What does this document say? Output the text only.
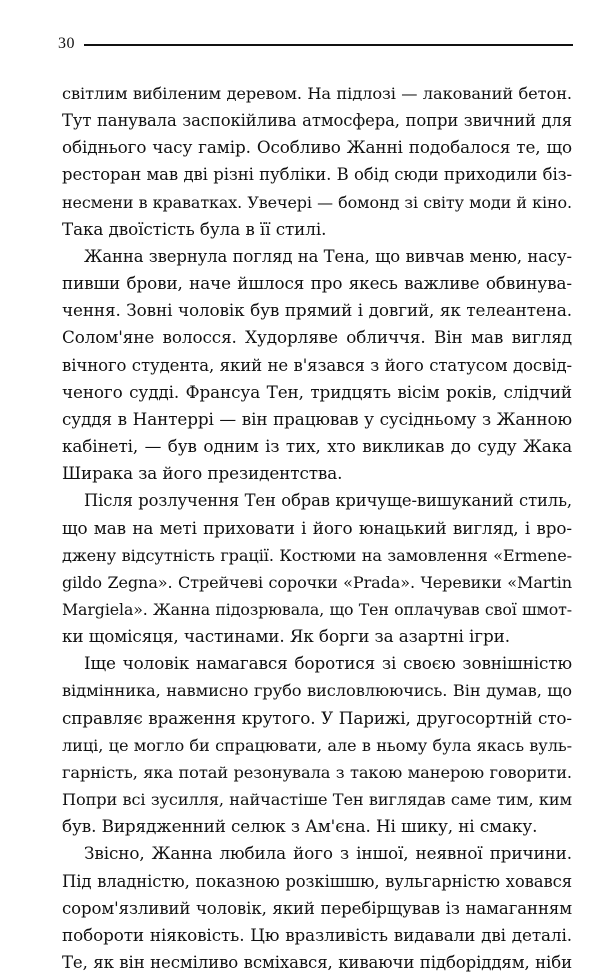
30

світлим вибіленим деревом. На підлозі — лакований бетон.
Тут панувала заспокійлива атмосфера, попри звичний для
обіднього часу гамір. Особливо Жанні подобалося те, що
ресторан мав дві різні публіки. В обід сюди приходили біз-
несмени в краватках. Увечері — бомонд зі світу моди й кіно.
Така двоїстість була в її стилі.

Жанна звернула погляд на Тена, що вивчав меню, насу-
пивши брови, наче йшлося про якесь важливе обвинува-
чення. Зовні чоловік був прямий і довгий, як телеантена.
Солом'яне волосся. Худорляве обличчя. Він мав вигляд
вічного студента, який не в'язався з його статусом досвід-
ченого судді. Франсуа Тен, тридцять вісім років, слідчий
суддя в Нантеррі — він працював у сусідньому з Жанною
кабінеті, — був одним із тих, хто викликав до суду Жака
Ширака за його президентства.

Після розлучення Тен обрав кричуще-вишуканий стиль,
що мав на меті приховати і його юнацький вигляд, і вро-
джену відсутність грації. Костюми на замовлення «Ermene-
gildo Zegna». Стрейчеві сорочки «Prada». Черевики «Martin
Margiela». Жанна підозрювала, що Тен оплачував свої шмот-
ки щомісяця, частинами. Як борги за азартні ігри.

Іще чоловік намагався боротися зі своєю зовнішністю
відмінника, навмисно грубо висловлюючись. Він думав, що
справляє враження крутого. У Парижі, другосортній сто-
лиці, це могло би спрацювати, але в ньому була якась вуль-
гарність, яка потай резонувала з такою манерою говорити.
Попри всі зусилля, найчастіше Тен виглядав саме тим, ким
був. Вирядженний селюк з Ам'єна. Ні шику, ні смаку.

Звісно, Жанна любила його з іншої, неявної причини.
Під владністю, показною розкішшю, вульгарністю ховався
сором'язливий чоловік, який перебірщував із намаганням
побороти ніяковість. Цю вразливість видавали дві деталі.
Те, як він несміливо всміхався, киваючи підборіддям, ніби
